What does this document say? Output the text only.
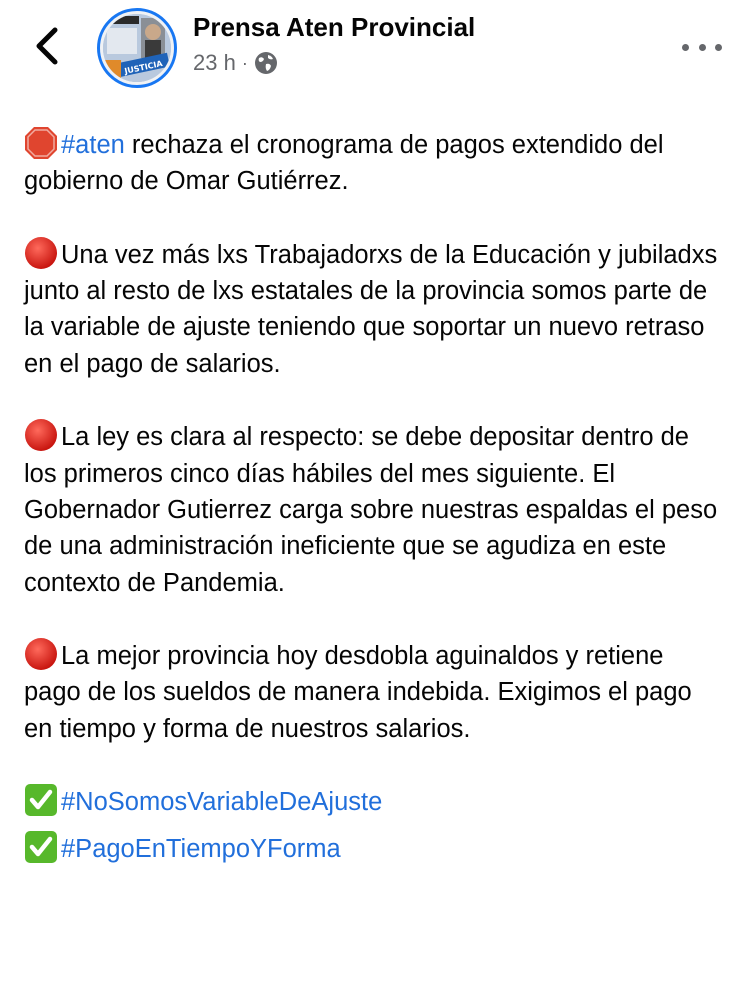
JUSTICIA
Prensa Aten Provincial
23 h ·

#aten rechaza el cronograma de pagos extendido del gobierno de Omar Gutiérrez.

Una vez más lxs Trabajadorxs de la Educación y jubiladxs junto al resto de lxs estatales de la provincia somos parte de la variable de ajuste teniendo que soportar un nuevo retraso en el pago de salarios.

La ley es clara al respecto: se debe depositar dentro de los primeros cinco días hábiles del mes siguiente. El Gobernador Gutierrez carga sobre nuestras espaldas el peso de una administración ineficiente que se agudiza en este contexto de Pandemia.

La mejor provincia hoy desdobla aguinaldos y retiene pago de los sueldos de manera indebida. Exigimos el pago en tiempo y forma de nuestros salarios.

#NoSomosVariableDeAjuste

#PagoEnTiempoYForma
